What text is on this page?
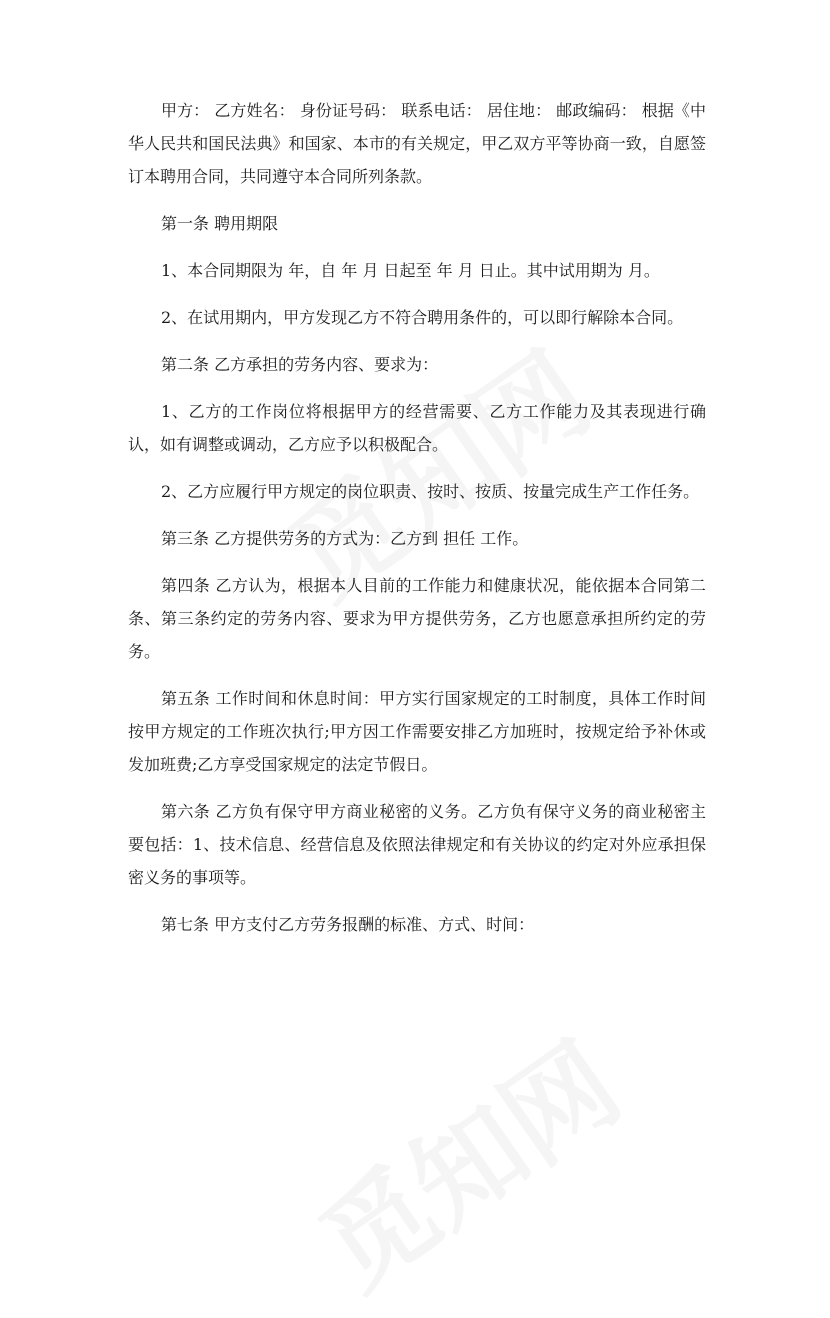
甲方： 乙方姓名： 身份证号码： 联系电话： 居住地： 邮政编码： 根据《中华人民共和国民法典》和国家、本市的有关规定，甲乙双方平等协商一致，自愿签订本聘用合同，共同遵守本合同所列条款。

第一条 聘用期限

1、本合同期限为 年，自 年 月 日起至 年 月 日止。其中试用期为 月。

2、在试用期内，甲方发现乙方不符合聘用条件的，可以即行解除本合同。

第二条 乙方承担的劳务内容、要求为：

1、乙方的工作岗位将根据甲方的经营需要、乙方工作能力及其表现进行确认，如有调整或调动，乙方应予以积极配合。

2、乙方应履行甲方规定的岗位职责、按时、按质、按量完成生产工作任务。

第三条 乙方提供劳务的方式为：乙方到 担任 工作。

第四条 乙方认为，根据本人目前的工作能力和健康状况，能依据本合同第二条、第三条约定的劳务内容、要求为甲方提供劳务，乙方也愿意承担所约定的劳务。

第五条 工作时间和休息时间：甲方实行国家规定的工时制度，具体工作时间按甲方规定的工作班次执行;甲方因工作需要安排乙方加班时，按规定给予补休或发加班费;乙方享受国家规定的法定节假日。

第六条 乙方负有保守甲方商业秘密的义务。乙方负有保守义务的商业秘密主要包括：1、技术信息、经营信息及依照法律规定和有关协议的约定对外应承担保密义务的事项等。

第七条 甲方支付乙方劳务报酬的标准、方式、时间：
